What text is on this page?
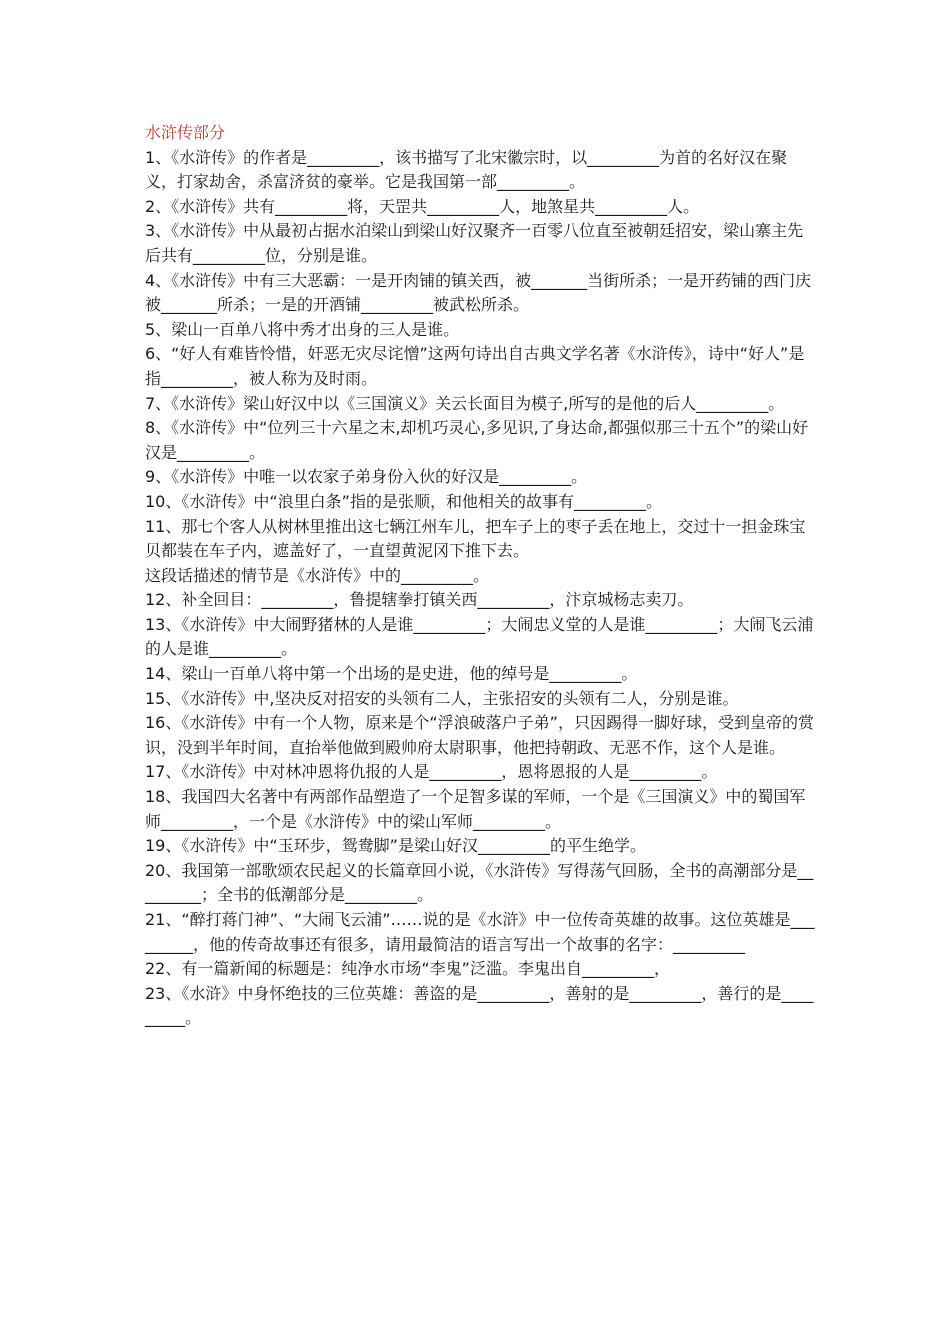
水浒传部分

1、《水浒传》的作者是_________，该书描写了北宋徽宗时，以_________为首的名好汉在聚义，打家劫舍，杀富济贫的豪举。它是我国第一部_________。

2、《水浒传》共有_________将，天罡共_________人，地煞星共_________人。

3、《水浒传》中从最初占据水泊梁山到梁山好汉聚齐一百零八位直至被朝廷招安，梁山寨主先后共有_________位，分别是谁。

4、《水浒传》中有三大恶霸：一是开肉铺的镇关西，被_______当街所杀；一是开药铺的西门庆被_______所杀；一是的开酒铺_________被武松所杀。

5、梁山一百单八将中秀才出身的三人是谁。

6、“好人有难皆怜惜，奸恶无灾尽诧憎”这两句诗出自古典文学名著《水浒传》，诗中“好人”是指_________，被人称为及时雨。

7、《水浒传》梁山好汉中以《三国演义》关云长面目为模子,所写的是他的后人_________。

8、《水浒传》中“位列三十六星之末,却机巧灵心,多见识,了身达命,都强似那三十五个”的梁山好汉是_________。

9、《水浒传》中唯一以农家子弟身份入伙的好汉是_________。

10、《水浒传》中“浪里白条”指的是张顺，和他相关的故事有_________。

11、那七个客人从树林里推出这七辆江州车儿，把车子上的枣子丢在地上，交过十一担金珠宝贝都装在车子内，遮盖好了，一直望黄泥冈下推下去。

这段话描述的情节是《水浒传》中的_________。

12、补全回目：_________，鲁提辖拳打镇关西_________，汴京城杨志卖刀。

13、《水浒传》中大闹野猪林的人是谁_________；大闹忠义堂的人是谁_________；大闹飞云浦的人是谁_________。

14、梁山一百单八将中第一个出场的是史进，他的绰号是_________。

15、《水浒传》中,坚决反对招安的头领有二人，主张招安的头领有二人，分别是谁。

16、《水浒传》中有一个人物，原来是个“浮浪破落户子弟”，只因踢得一脚好球，受到皇帝的赏识，没到半年时间，直抬举他做到殿帅府太尉职事，他把持朝政、无恶不作，这个人是谁。

17、《水浒传》中对林冲恩将仇报的人是_________，恩将恩报的人是_________。

18、我国四大名著中有两部作品塑造了一个足智多谋的军师，一个是《三国演义》中的蜀国军师_________，一个是《水浒传》中的梁山军师_________。

19、《水浒传》中“玉环步，鸳鸯脚”是梁山好汉_________的平生绝学。

20、我国第一部歌颂农民起义的长篇章回小说，《水浒传》写得荡气回肠，全书的高潮部分是_________；全书的低潮部分是_________。

21、“醉打蒋门神”、“大闹飞云浦”……说的是《水浒》中一位传奇英雄的故事。这位英雄是_________，他的传奇故事还有很多，请用最简洁的语言写出一个故事的名字：_________

22、有一篇新闻的标题是：纯净水市场“李鬼”泛滥。李鬼出自_________，

23、《水浒》中身怀绝技的三位英雄：善盗的是_________，善射的是_________，善行的是_________。
